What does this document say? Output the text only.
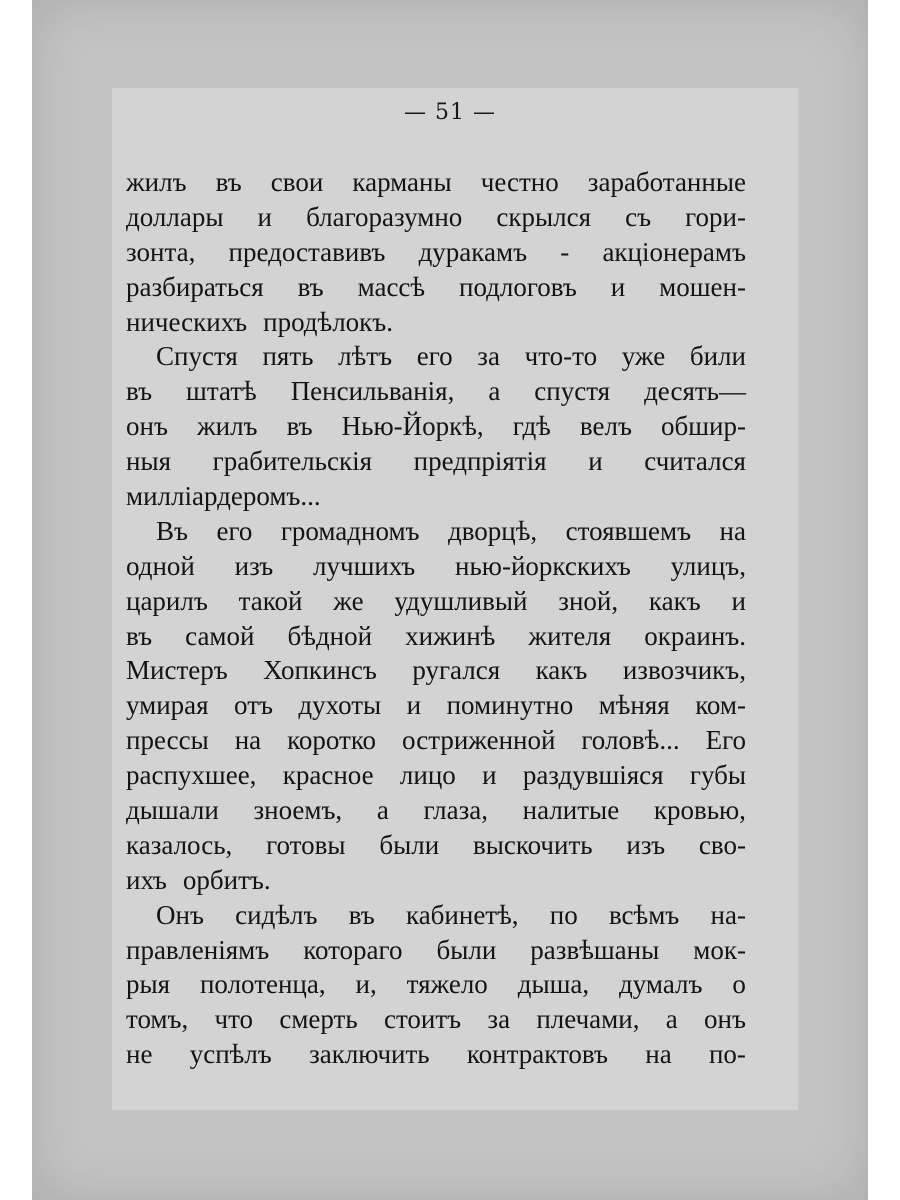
— 51 —
жилъ въ свои карманы честно заработанные
доллары и благоразумно скрылся съ гори-
зонта, предоставивъ дуракамъ - акціонерамъ
разбираться въ массѣ подлоговъ и мошен-
ническихъ продѣлокъ.
Спустя пять лѣтъ его за что-то уже били
въ штатѣ Пенсильванія, а спустя десять—
онъ жилъ въ Нью-Йоркѣ, гдѣ велъ обшир-
ныя грабительскія предпріятія и считался
милліардеромъ...
Въ его громадномъ дворцѣ, стоявшемъ на
одной изъ лучшихъ нью-йоркскихъ улицъ,
царилъ такой же удушливый зной, какъ и
въ самой бѣдной хижинѣ жителя окраинъ.
Мистеръ Хопкинсъ ругался какъ извозчикъ,
умирая отъ духоты и поминутно мѣняя ком-
прессы на коротко остриженной головѣ... Его
распухшее, красное лицо и раздувшіяся губы
дышали зноемъ, а глаза, налитые кровью,
казалось, готовы были выскочить изъ сво-
ихъ орбитъ.
Онъ сидѣлъ въ кабинетѣ, по всѣмъ на-
правленіямъ котораго были развѣшаны мок-
рыя полотенца, и, тяжело дыша, думалъ о
томъ, что смерть стоитъ за плечами, а онъ
не успѣлъ заключить контрактовъ на по-
